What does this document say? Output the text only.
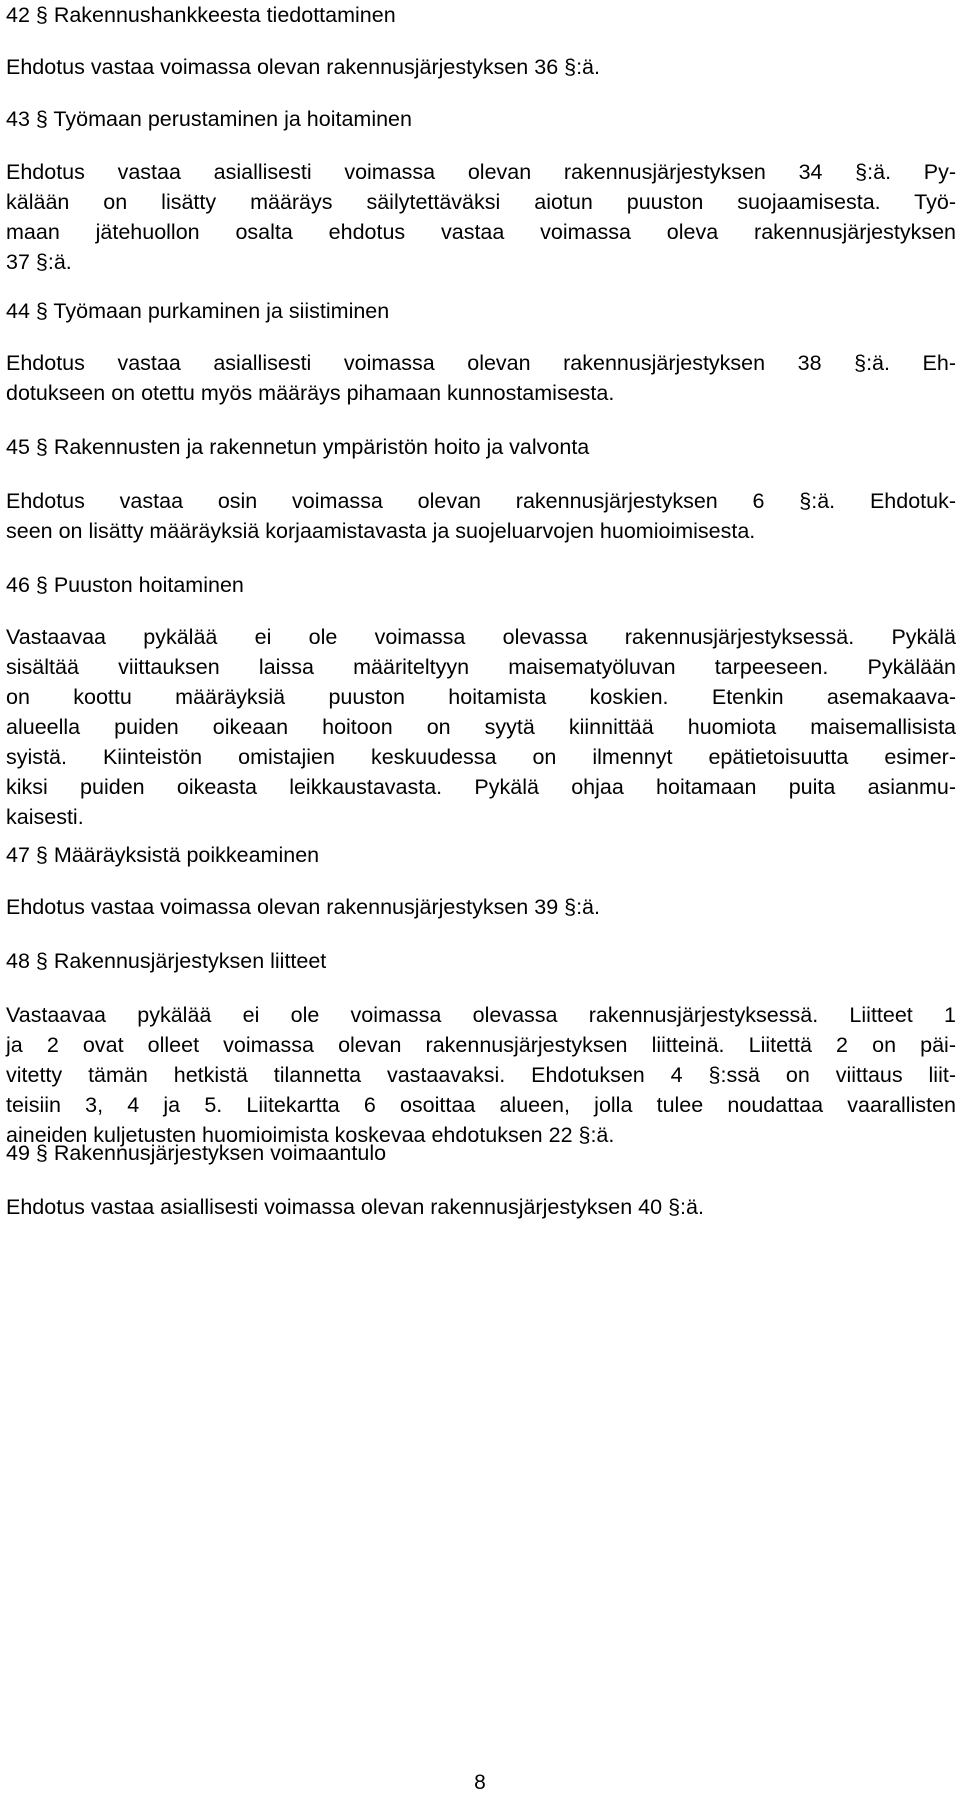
42 § Rakennushankkeesta tiedottaminen
Ehdotus vastaa voimassa olevan rakennusjärjestyksen 36 §:ä.
43 § Työmaan perustaminen ja hoitaminen
Ehdotus vastaa asiallisesti voimassa olevan rakennusjärjestyksen 34 §:ä. Py-
kälään on lisätty määräys säilytettäväksi aiotun puuston suojaamisesta. Työ-
maan jätehuollon osalta ehdotus vastaa voimassa oleva rakennusjärjestyksen
37 §:ä.
44 § Työmaan purkaminen ja siistiminen
Ehdotus vastaa asiallisesti voimassa olevan rakennusjärjestyksen 38 §:ä. Eh-
dotukseen on otettu myös määräys pihamaan kunnostamisesta.
45 § Rakennusten ja rakennetun ympäristön hoito ja valvonta
Ehdotus vastaa osin voimassa olevan rakennusjärjestyksen 6 §:ä. Ehdotuk-
seen on lisätty määräyksiä korjaamistavasta ja suojeluarvojen huomioimisesta.
46 § Puuston hoitaminen
Vastaavaa pykälää ei ole voimassa olevassa rakennusjärjestyksessä. Pykälä
sisältää viittauksen laissa määriteltyyn maisematyöluvan tarpeeseen. Pykälään
on koottu määräyksiä puuston hoitamista koskien. Etenkin asemakaava-
alueella puiden oikeaan hoitoon on syytä kiinnittää huomiota maisemallisista
syistä. Kiinteistön omistajien keskuudessa on ilmennyt epätietoisuutta esimer-
kiksi puiden oikeasta leikkaustavasta. Pykälä ohjaa hoitamaan puita asianmu-
kaisesti.
47 § Määräyksistä poikkeaminen
Ehdotus vastaa voimassa olevan rakennusjärjestyksen 39 §:ä.
48 § Rakennusjärjestyksen liitteet
Vastaavaa pykälää ei ole voimassa olevassa rakennusjärjestyksessä. Liitteet 1
ja 2 ovat olleet voimassa olevan rakennusjärjestyksen liitteinä. Liitettä 2 on päi-
vitetty tämän hetkistä tilannetta vastaavaksi. Ehdotuksen 4 §:ssä on viittaus liit-
teisiin 3, 4 ja 5. Liitekartta 6 osoittaa alueen, jolla tulee noudattaa vaarallisten
aineiden kuljetusten huomioimista koskevaa ehdotuksen 22 §:ä.
49 § Rakennusjärjestyksen voimaantulo
Ehdotus vastaa asiallisesti voimassa olevan rakennusjärjestyksen 40 §:ä.
8
